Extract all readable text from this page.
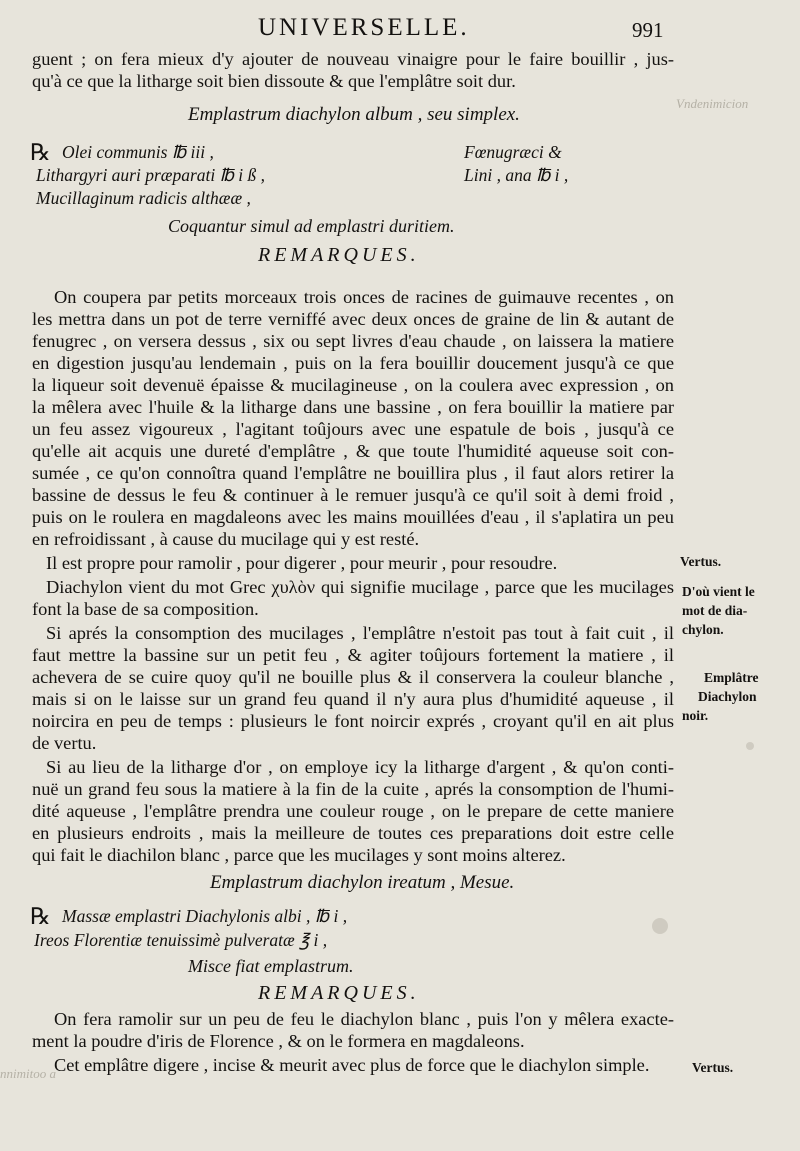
Vndenimicion
nnimitoo a
UNIVERSELLE.	991
guent ; on fera mieux d'y ajouter de nouveau vinaigre pour le faire bouillir , jus-
qu'à ce que la litharge soit bien dissoute & que l'emplâtre soit dur.
Emplastrum diachylon album , seu simplex.
℞ Olei communis ℔ iii ,
Lithargyri auri præparati ℔ i ß ,
Mucillaginum radicis althææ ,
Fœnugræci &
Lini , ana ℔ i ,
Coquantur simul ad emplastri duritiem.
REMARQUES.
On coupera par petits morceaux trois onces de racines de guimauve recentes , on
les mettra dans un pot de terre verniffé avec deux onces de graine de lin & autant de
fenugrec , on versera dessus , six ou sept livres d'eau chaude , on laissera la matiere
en digestion jusqu'au lendemain , puis on la fera bouillir doucement jusqu'à ce que
la liqueur soit devenuë épaisse & mucilagineuse , on la coulera avec expression , on
la mêlera avec l'huile & la litharge dans une bassine , on fera bouillir la matiere par
un feu assez vigoureux , l'agitant toûjours avec une espatule de bois , jusqu'à ce
qu'elle ait acquis une dureté d'emplâtre , & que toute l'humidité aqueuse soit con-
sumée , ce qu'on connoîtra quand l'emplâtre ne bouillira plus , il faut alors retirer la
bassine de dessus le feu & continuer à le remuer jusqu'à ce qu'il soit à demi froid ,
puis on le roulera en magdaleons avec les mains mouillées d'eau , il s'aplatira un peu
en refroidissant , à cause du mucilage qui y est resté.
Il est propre pour ramolir , pour digerer , pour meurir , pour resoudre.
Diachylon vient du mot Grec χυλὸν qui signifie mucilage , parce que les mucilages
font la base de sa composition.
Si aprés la consomption des mucilages , l'emplâtre n'estoit pas tout à fait cuit , il
faut mettre la bassine sur un petit feu , & agiter toûjours fortement la matiere , il
achevera de se cuire quoy qu'il ne bouille plus & il conservera la couleur blanche ,
mais si on le laisse sur un grand feu quand il n'y aura plus d'humidité aqueuse , il
noircira en peu de temps : plusieurs le font noircir exprés , croyant qu'il en ait plus
de vertu.
Si au lieu de la litharge d'or , on employe icy la litharge d'argent , & qu'on conti-
nuë un grand feu sous la matiere à la fin de la cuite , aprés la consomption de l'humi-
dité aqueuse , l'emplâtre prendra une couleur rouge , on le prepare de cette maniere
en plusieurs endroits , mais la meilleure de toutes ces preparations doit estre celle
qui fait le diachilon blanc , parce que les mucilages y sont moins alterez.
Emplastrum diachylon ireatum , Mesue.
℞ Massæ emplastri Diachylonis albi , ℔ i ,
Ireos Florentiæ tenuissimè pulveratæ ℥ i ,
Misce fiat emplastrum.
REMARQUES.
On fera ramolir sur un peu de feu le diachylon blanc , puis l'on y mêlera exacte-
ment la poudre d'iris de Florence , & on le formera en magdaleons.
Cet emplâtre digere , incise & meurit avec plus de force que le diachylon simple.
Vertus.
D'où vient le
mot de dia-
chylon.
Emplâtre
Diachylon
noir.
Vertus.
